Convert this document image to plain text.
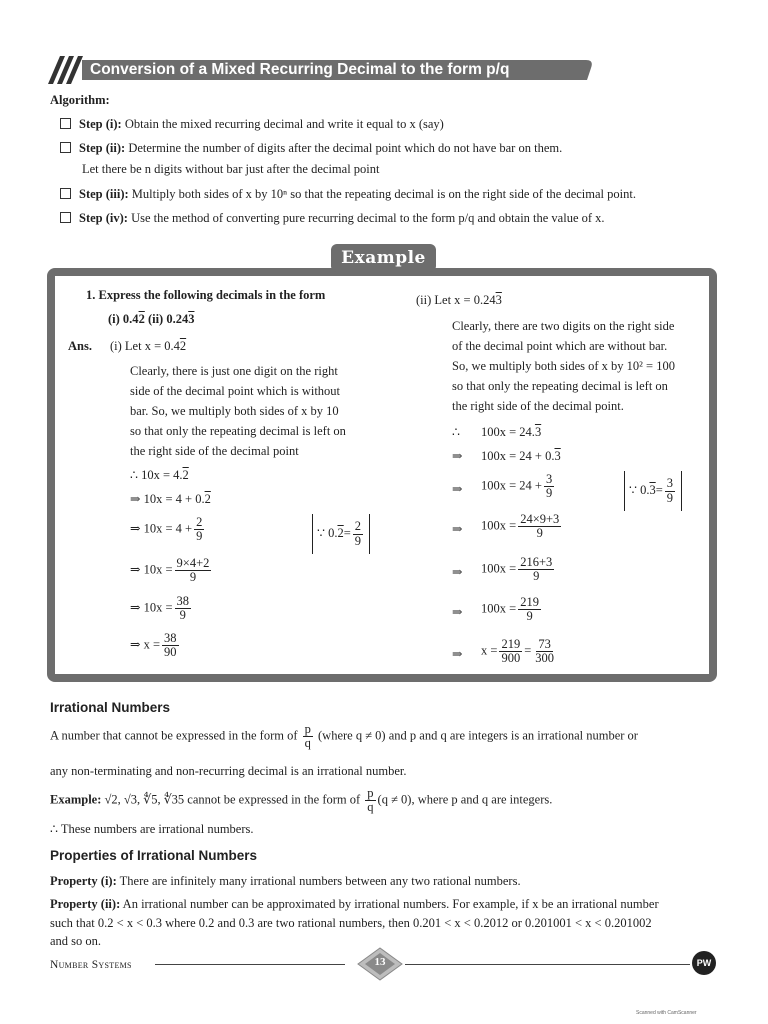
Conversion of a Mixed Recurring Decimal to the form p/q
Algorithm:
Step (i): Obtain the mixed recurring decimal and write it equal to x (say)
Step (ii): Determine the number of digits after the decimal point which do not have bar on them.
Let there be n digits without bar just after the decimal point
Step (iii): Multiply both sides of x by 10ⁿ so that the repeating decimal is on the right side of the decimal point.
Step (iv): Use the method of converting pure recurring decimal to the form p/q and obtain the value of x.
Example
1. Express the following decimals in the form
(i) 0.42 (ii) 0.243
Ans. (i) Let x = 0.42
Clearly, there is just one digit on the right
side of the decimal point which is without
bar. So, we multiply both sides of x by 10
so that only the repeating decimal is left on
the right side of the decimal point
∴ 10x = 4.2
⇒ 10x = 4 + 0.2
⇒ $10x = 4 + \frac{2}{9}$	∵ 0. $2 = \frac{2}{9}$
⇒ $10x = \frac{9\times 4+2}{9}$
⇒ $10x = \frac{38}{9}$
⇒ $x = \frac{38}{90}$
(ii) Let x = 0.243
Clearly, there are two digits on the right side
of the decimal point which are without bar.
So, we multiply both sides of x by 10² = 100
so that only the repeating decimal is left on
the right side of the decimal point.
∴ 100x = 24.3
⇒ 100x = 24 + 0.3
⇒ $100x = 24 + \frac{3}{9}$	∵ 0. $3 = \frac{3}{9}$
⇒ $100x = \frac{24\times 9+3}{9}$
⇒ $100x = \frac{216+3}{9}$
⇒ $100x = \frac{219}{9}$
⇒ $x = \frac{219}{900} = \frac{73}{300}$
Irrational Numbers
A number that cannot be expressed in the form of $\frac{p}{q}$ (where q ≠ 0) and p and q are integers is an irrational number or
any non-terminating and non-recurring decimal is an irrational number.
Example: √2, √3, ∜5, ∜35 cannot be expressed in the form of $\frac{p}{q} (q \ne 0)$, where p and q are integers.
∴ These numbers are irrational numbers.
Properties of Irrational Numbers
Property (i): There are infinitely many irrational numbers between any two rational numbers.
Property (ii): An irrational number can be approximated by irrational numbers. For example, if x be an irrational number
such that 0.2 < x < 0.3 where 0.2 and 0.3 are two rational numbers, then 0.201 < x < 0.2012 or 0.201001 < x < 0.201002
and so on.
Number Systems	13	PW
Scanned with CamScanner
